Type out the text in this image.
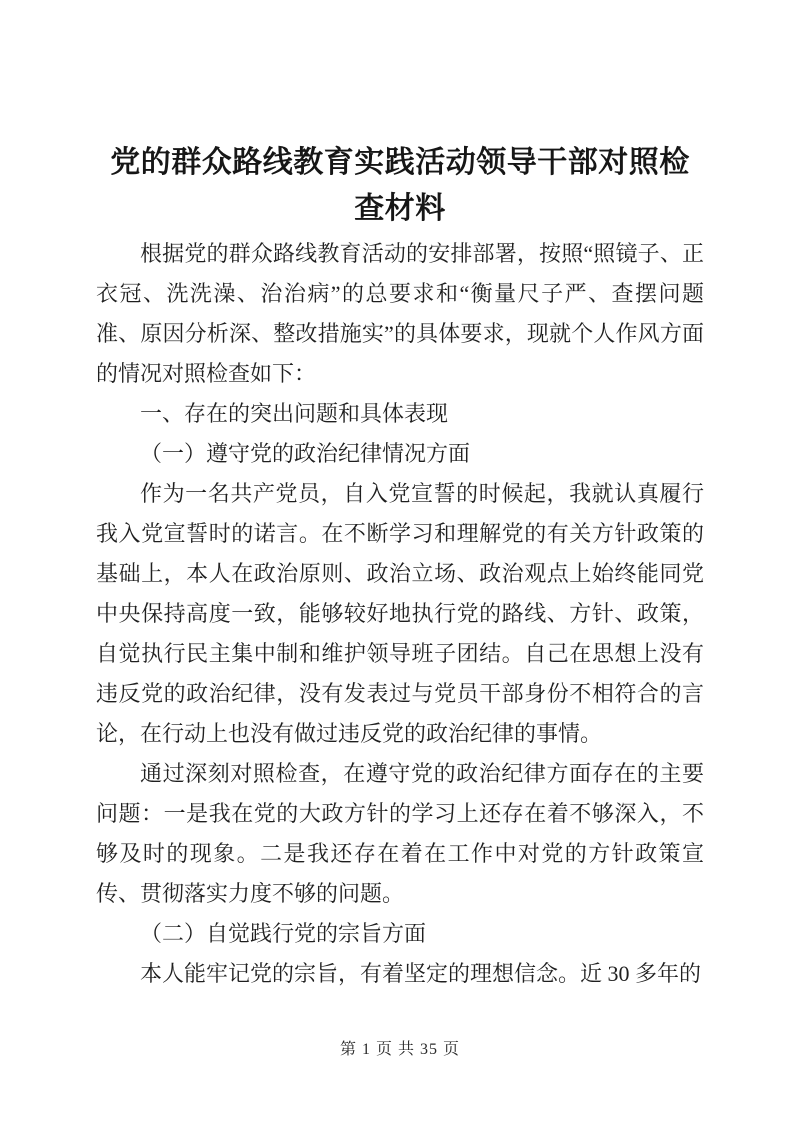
党的群众路线教育实践活动领导干部对照检查材料

根据党的群众路线教育活动的安排部署，按照“照镜子、正衣冠、洗洗澡、治治病”的总要求和“衡量尺子严、查摆问题准、原因分析深、整改措施实”的具体要求，现就个人作风方面的情况对照检查如下：

一、存在的突出问题和具体表现

（一）遵守党的政治纪律情况方面

作为一名共产党员，自入党宣誓的时候起，我就认真履行我入党宣誓时的诺言。在不断学习和理解党的有关方针政策的基础上，本人在政治原则、政治立场、政治观点上始终能同党中央保持高度一致，能够较好地执行党的路线、方针、政策，自觉执行民主集中制和维护领导班子团结。自己在思想上没有违反党的政治纪律，没有发表过与党员干部身份不相符合的言论，在行动上也没有做过违反党的政治纪律的事情。

通过深刻对照检查，在遵守党的政治纪律方面存在的主要问题：一是我在党的大政方针的学习上还存在着不够深入，不够及时的现象。二是我还存在着在工作中对党的方针政策宣传、贯彻落实力度不够的问题。

（二）自觉践行党的宗旨方面

本人能牢记党的宗旨，有着坚定的理想信念。近 30 多年的

第 1 页 共 35 页
